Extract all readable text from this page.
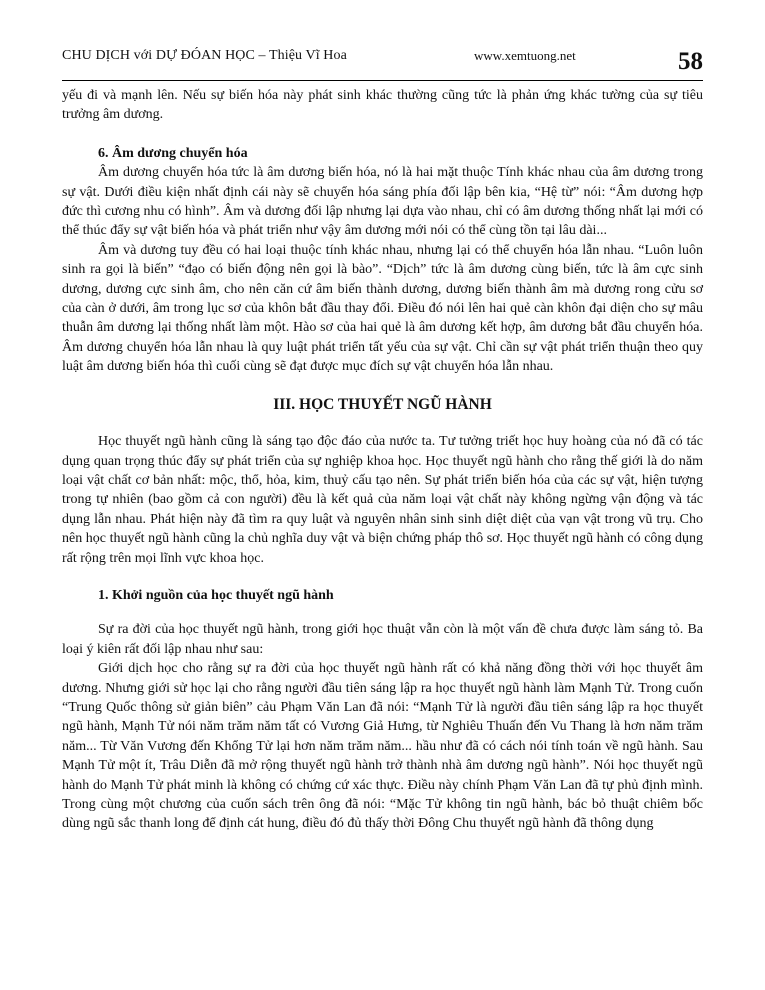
CHU DỊCH với DỰ ĐÓAN HỌC – Thiệu Vĩ Hoa	www.xemtuong.net	58

yếu đi và mạnh lên. Nếu sự biến hóa này phát sinh khác thường cũng tức là phản ứng khác tường của sự tiêu trưởng âm dương.

6. Âm dương chuyển hóa

Âm dương chuyển hóa tức là âm dương biến hóa, nó là hai mặt thuộc Tính khác nhau của âm dương trong sự vật. Dưới điều kiện nhất định cái này sẽ chuyển hóa sáng phía đối lập bên kia, “Hệ từ” nói: “Âm dương hợp đức thì cương nhu có hình”. Âm và dương đối lập nhưng lại dựa vào nhau, chỉ có âm dương thống nhất lại mới có thể thúc đẩy sự vật biến hóa và phát triển như vậy âm dương mới nói có thể cùng tồn tại lâu dài...

Âm và dương tuy đều có hai loại thuộc tính khác nhau, nhưng lại có thể chuyển hóa lẫn nhau. “Luôn luôn sinh ra gọi là biến” “đạo có biến động nên gọi là bào”. “Dịch” tức là âm dương cùng biến, tức là âm cực sinh dương, dương cực sinh âm, cho nên căn cứ âm biến thành dương, dương biến thành âm mà dương rong cửu sơ của càn ở dưới, âm trong lục sơ của khôn bắt đầu thay đổi. Điều đó nói lên hai quẻ càn khôn đại diện cho sự mâu thuẫn âm dương lại thống nhất làm một. Hào sơ của hai quẻ là âm dương kết hợp, âm dương bắt đầu chuyển hóa. Âm dương chuyển hóa lẫn nhau là quy luật phát triển tất yếu của sự vật. Chỉ cần sự vật phát triển thuận theo quy luật âm dương biến hóa thì cuối cùng sẽ đạt được mục đích sự vật chuyển hóa lẫn nhau.

III. HỌC THUYẾT NGŨ HÀNH

Học thuyết ngũ hành cũng là sáng tạo độc đáo của nước ta. Tư tưởng triết học huy hoàng của nó đã có tác dụng quan trọng thúc đẩy sự phát triển của sự nghiệp khoa học. Học thuyết ngũ hành cho rằng thế giới là do năm loại vật chất cơ bản nhất: mộc, thổ, hỏa, kim, thuỷ cấu tạo nên. Sự phát triển biến hóa của các sự vật, hiện tượng trong tự nhiên (bao gồm cả con người) đều là kết quả của năm loại vật chất này không ngừng vận động và tác dụng lẫn nhau. Phát hiện này đã tìm ra quy luật và nguyên nhân sinh sinh diệt diệt của vạn vật trong vũ trụ. Cho nên học thuyết ngũ hành cũng la chủ nghĩa duy vật và biện chứng pháp thô sơ. Học thuyết ngũ hành có công dụng rất rộng trên mọi lĩnh vực khoa học.

1. Khởi nguồn của học thuyết ngũ hành

Sự ra đời của học thuyết ngũ hành, trong giới học thuật vẫn còn là một vấn đề chưa được làm sáng tỏ. Ba loại ý kiên rất đối lập nhau như sau:

Giới dịch học cho rằng sự ra đời của học thuyết ngũ hành rất có khả năng đồng thời với học thuyết âm dương. Nhưng giới sử học lại cho rằng người đầu tiên sáng lập ra học thuyết ngũ hành làm Mạnh Tử. Trong cuốn “Trung Quốc thông sử giản biên” cảu Phạm Văn Lan đã nói: “Mạnh Tử là người đầu tiên sáng lập ra học thuyết ngũ hành, Mạnh Tử nói năm trăm năm tất có Vương Giả Hưng, từ Nghiêu Thuấn đến Vu Thang là hơn năm trăm năm... Từ Văn Vương đến Khổng Tử lại hơn năm trăm năm... hầu như đã có cách nói tính toán về ngũ hành. Sau Mạnh Tử một ít, Trâu Diễn đã mở rộng thuyết ngũ hành trở thành nhà âm dương ngũ hành”. Nói học thuyết ngũ hành do Mạnh Tử phát minh là không có chứng cứ xác thực. Điều này chính Phạm Văn Lan đã tự phủ định mình. Trong cùng một chương của cuốn sách trên ông đã nói: “Mặc Tử không tin ngũ hành, bác bỏ thuật chiêm bốc dùng ngũ sắc thanh long để định cát hung, điều đó đủ thấy thời Đông Chu thuyết ngũ hành đã thông dụng
